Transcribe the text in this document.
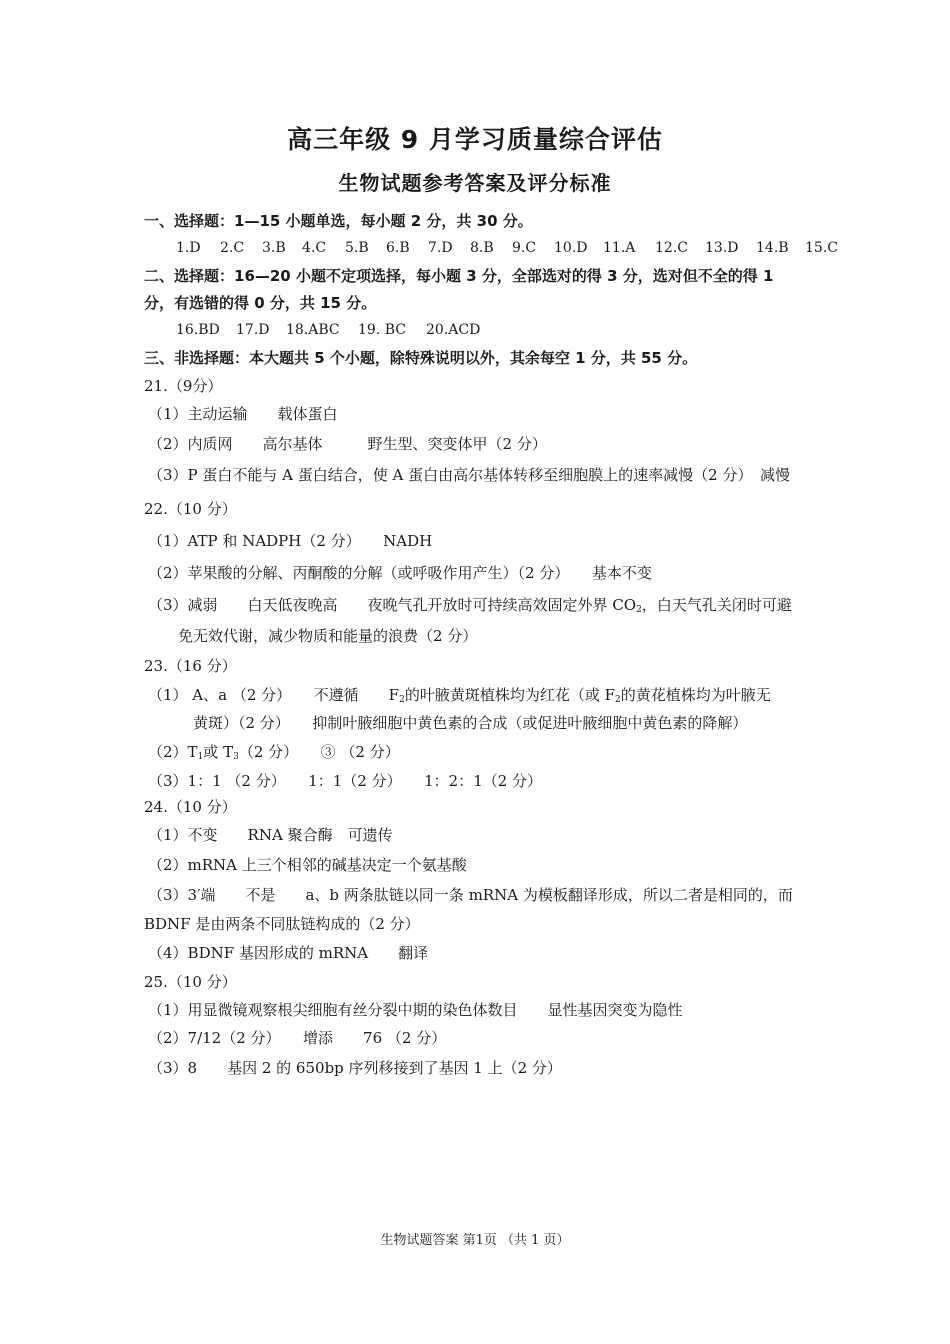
高三年级 9 月学习质量综合评估
生物试题参考答案及评分标准
一、选择题：1—15 小题单选，每小题 2 分，共 30 分。
1.D 2.C 3.B 4.C 5.B 6.B 7.D 8.B 9.C 10.D 11.A 12.C 13.D 14.B 15.C
二、选择题：16—20 小题不定项选择，每小题 3 分，全部选对的得 3 分，选对但不全的得 1
分，有选错的得 0 分，共 15 分。
16.BD 17.D 18.ABC 19. BC 20.ACD
三、非选择题：本大题共 5 个小题，除特殊说明以外，其余每空 1 分，共 55 分。
21.（9分）
（1）主动运输　　载体蛋白
（2）内质网　　高尔基体　　　野生型、突变体甲（2 分）
（3）P 蛋白不能与 A 蛋白结合，使 A 蛋白由高尔基体转移至细胞膜上的速率减慢（2 分）　减慢
22.（10 分）
（1）ATP 和 NADPH（2 分）　　NADH
（2）苹果酸的分解、丙酮酸的分解（或呼吸作用产生）（2 分）　　基本不变
（3）减弱　　白天低夜晚高　　夜晚气孔开放时可持续高效固定外界 $CO_2$，白天气孔关闭时可避
免无效代谢，减少物质和能量的浪费（2 分）
23.（16 分）
（1） A、a （2 分）　　不遵循　　$F_2$的叶腋黄斑植株均为红花（或 $F_2$的黄花植株均为叶腋无
黄斑）（2 分）　　抑制叶腋细胞中黄色素的合成（或促进叶腋细胞中黄色素的降解）
$(2)T_1$或 $T_3(2$ 分）　　③ （2 分）
（3）1：1 （2 分）　　1：1（2 分）　　1：2：1（2 分）
24.（10 分）
（1）不变　　RNA 聚合酶　可遗传
（2）mRNA 上三个相邻的碱基决定一个氨基酸
（3）3′端　　不是　　a、b 两条肽链以同一条 mRNA 为模板翻译形成，所以二者是相同的，而
BDNF 是由两条不同肽链构成的（2 分）
（4）BDNF 基因形成的 mRNA　　翻译
25.（10 分）
（1）用显微镜观察根尖细胞有丝分裂中期的染色体数目　　显性基因突变为隐性
（2）7/12（2 分）　　增添　　76 （2 分）
（3）8　　基因 2 的 650bp 序列移接到了基因 1 上（2 分）
生物试题答案 第1页 （共 1 页）
